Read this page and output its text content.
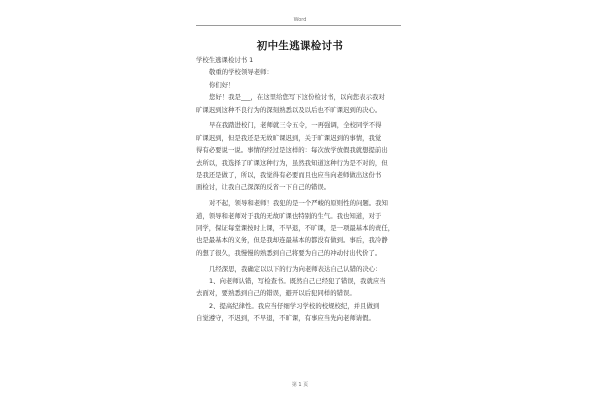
Word
初中生逃课检讨书

学校生逃课检讨书 1

敬重的学校领导老师：

你们好！

您好！我是___，在这里给您写下这份检讨书，以向您表示我对

旷课迟到这种不良行为的深刻熟悉以及以后也不旷课迟到的决心。

早在我踏进校门，老师就三令五令，一再强调，全校同学不得

旷课迟到，但是我还是无故旷课迟到，关于旷课迟到的事情，我觉

得有必要说一说。事情的经过是这样的：每次放学放假我就想提前出

去所以，我选择了旷课这种行为，虽然我知道这种行为是不对的，但

是我还是做了，所以，我觉得有必要而且也应当向老师做出这份书

面检讨，让我自己深深的反省一下自己的错误。

对不起，领导和老师！我犯的是一个严峻的原则性的问题。我知

道，领导和老师对于我的无故旷课也特别的生气。我也知道，对于

同学，保证每堂课按时上课，不早退，不旷课，是一项最基本的责任，

也是最基本的义务，但是我却连最基本的都没有做到。事后，我冷静

的想了很久，我慢慢的熟悉到自己将要为自己的冲动付出代价了。

几经深思，我确定以以下的行为向老师表达自己认错的决心：

1、向老师认错，写检查书。既然自己已经犯了错误，我就应当

去面对，要熟悉到自己的错误，避开以后犯同样的错误。

2、提高纪律性。我应当仔细学习学校的校规校纪，并且做到

自觉遵守，不迟到，不早退，不旷课，有事应当先向老师请假。

第 1 页
